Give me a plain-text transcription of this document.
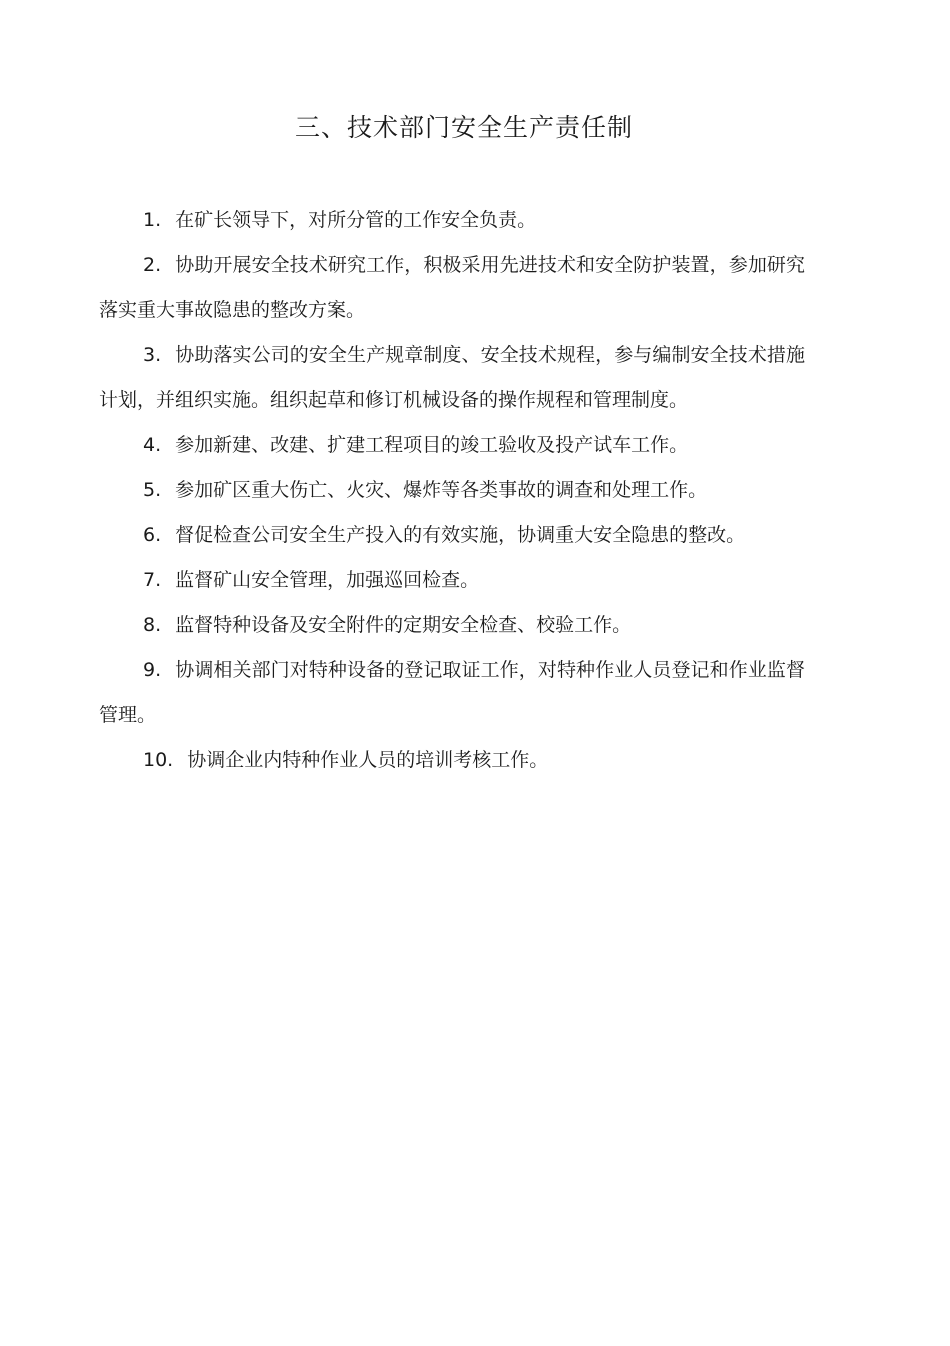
三、技术部门安全生产责任制
1. 在矿长领导下，对所分管的工作安全负责。
2. 协助开展安全技术研究工作，积极采用先进技术和安全防护装置，参加研究落实重大事故隐患的整改方案。
3. 协助落实公司的安全生产规章制度、安全技术规程，参与编制安全技术措施计划，并组织实施。组织起草和修订机械设备的操作规程和管理制度。
4. 参加新建、改建、扩建工程项目的竣工验收及投产试车工作。
5. 参加矿区重大伤亡、火灾、爆炸等各类事故的调查和处理工作。
6. 督促检查公司安全生产投入的有效实施，协调重大安全隐患的整改。
7. 监督矿山安全管理，加强巡回检查。
8. 监督特种设备及安全附件的定期安全检查、校验工作。
9. 协调相关部门对特种设备的登记取证工作，对特种作业人员登记和作业监督管理。
10. 协调企业内特种作业人员的培训考核工作。
